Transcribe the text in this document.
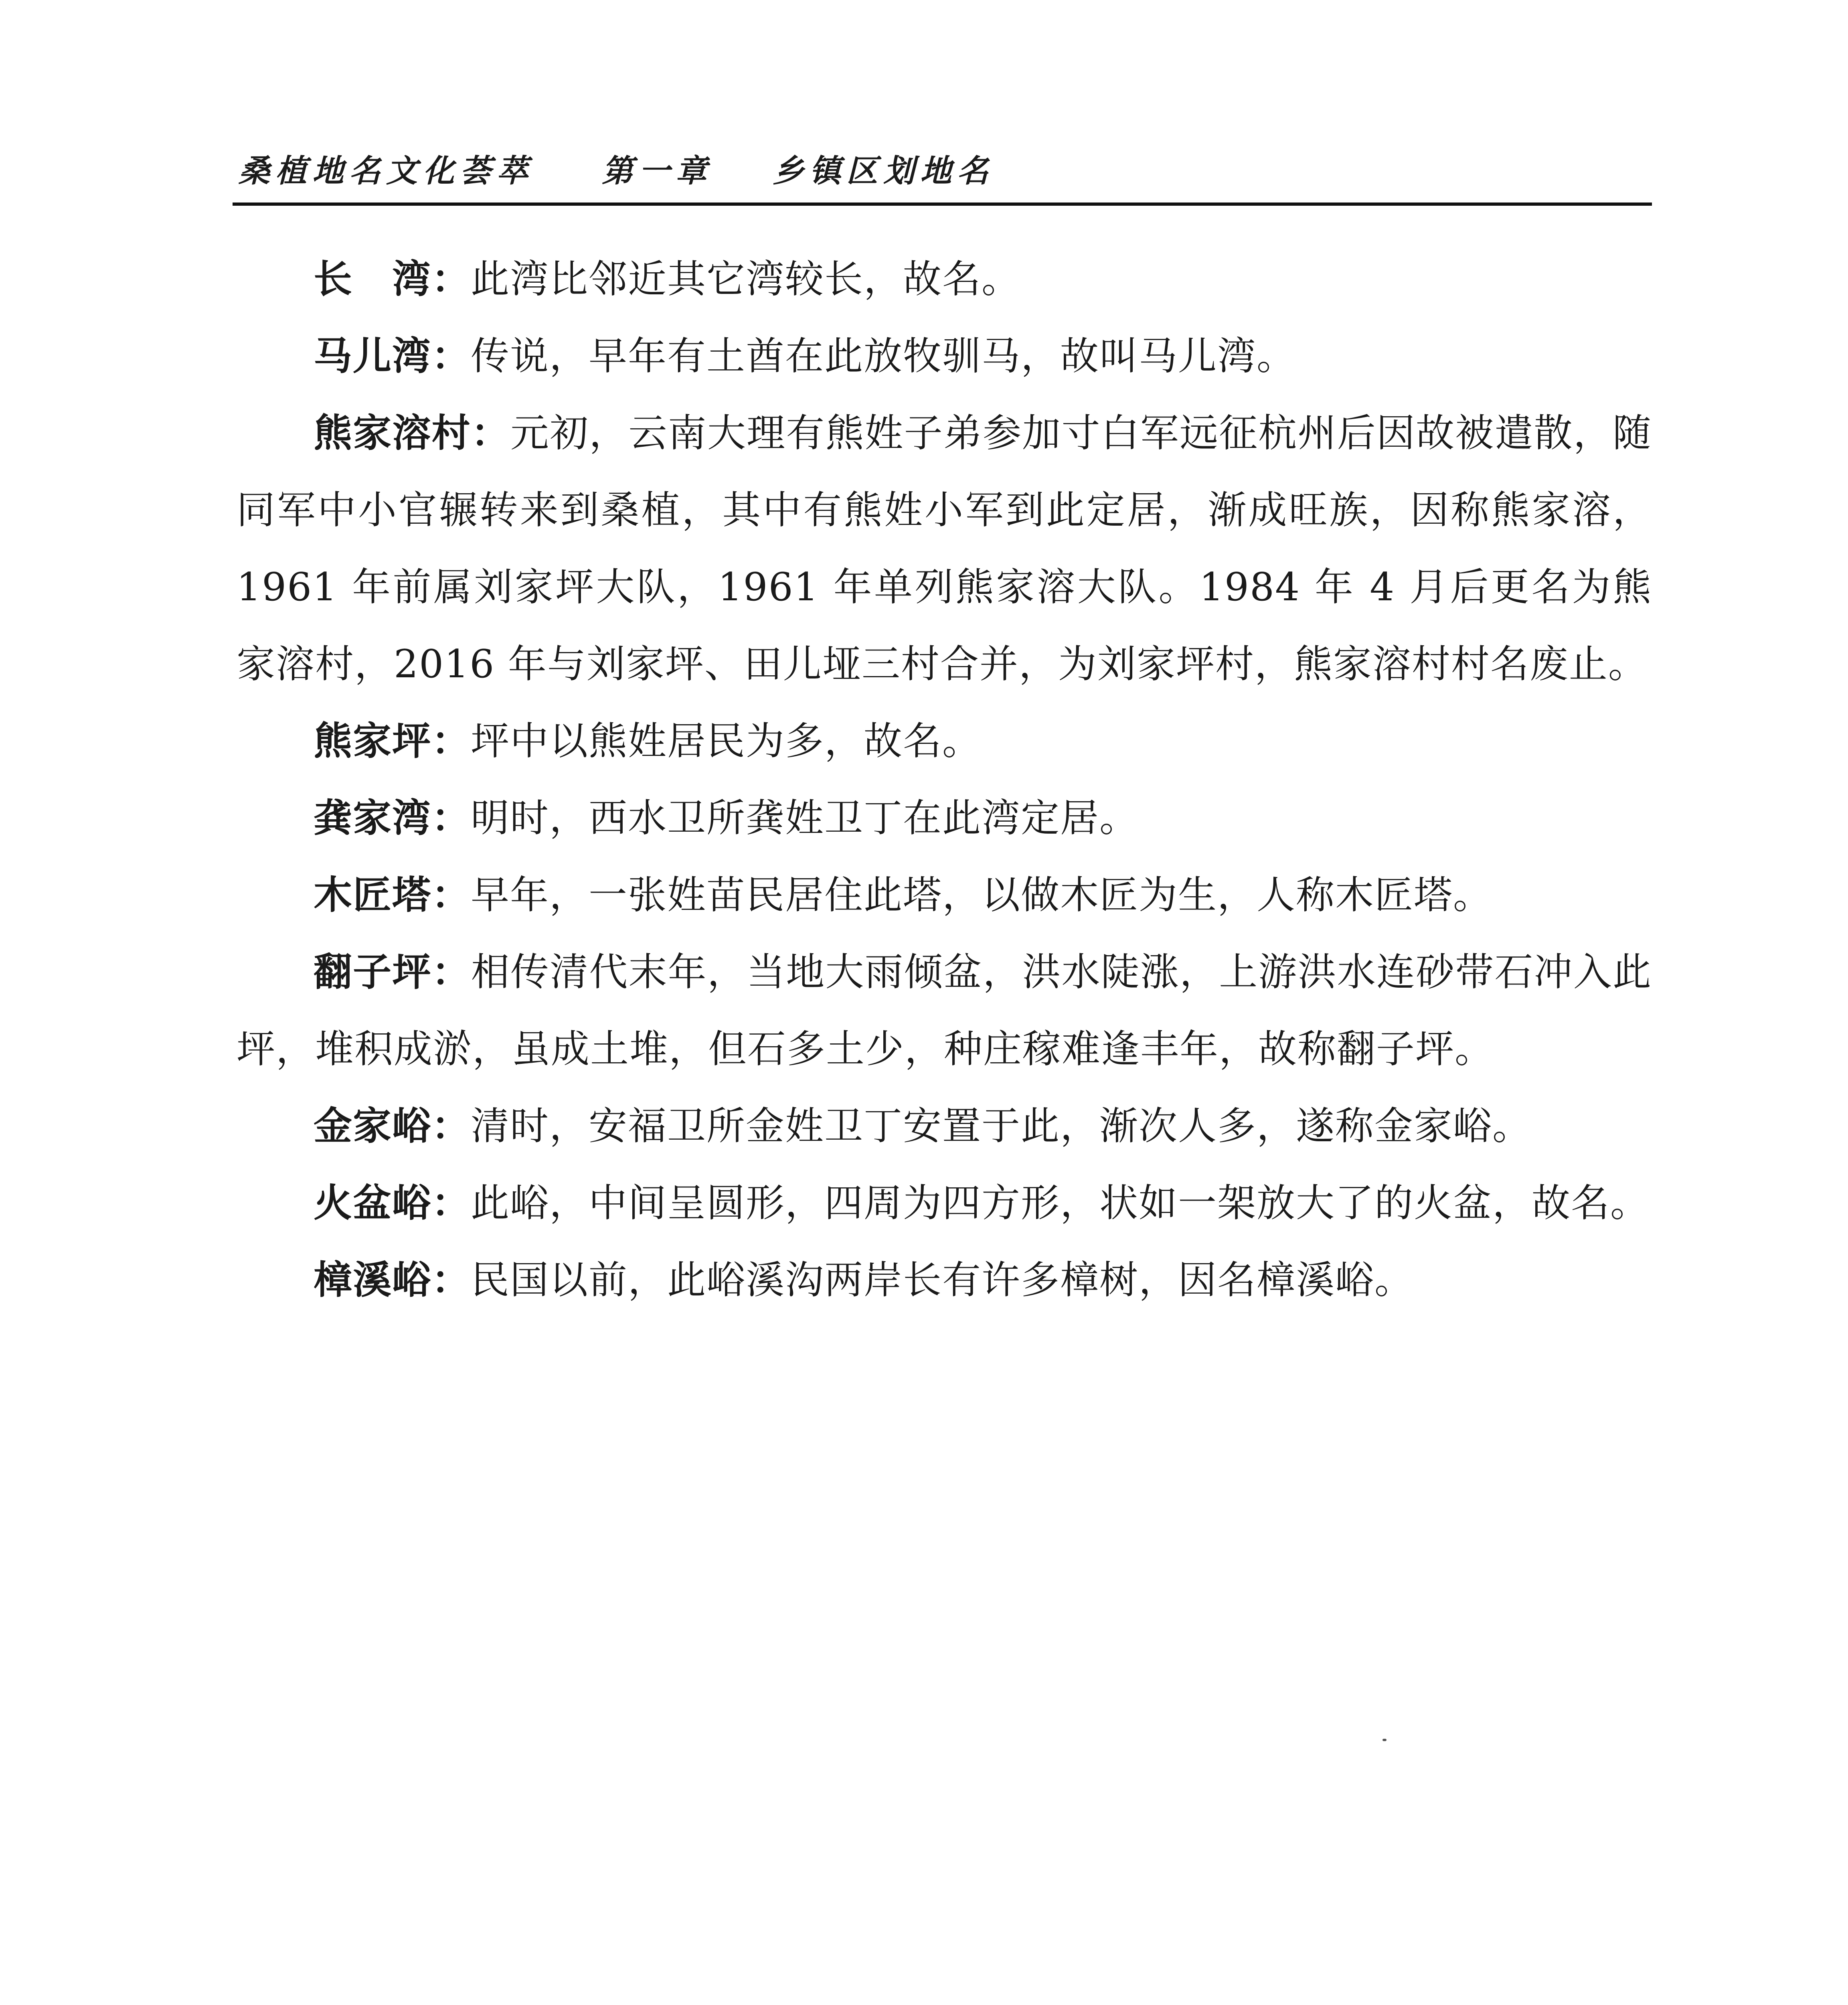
桑植地名文化荟萃 第一章 乡镇区划地名

长　湾：此湾比邻近其它湾较长，故名。

马儿湾：传说，早年有土酋在此放牧驯马，故叫马儿湾。

熊家溶村：元初，云南大理有熊姓子弟参加寸白军远征杭州后因故被遣散，随同军中小官辗转来到桑植，其中有熊姓小军到此定居，渐成旺族，因称熊家溶，1961 年前属刘家坪大队，1961 年单列熊家溶大队。1984 年 4 月后更名为熊家溶村，2016 年与刘家坪、田儿垭三村合并，为刘家坪村，熊家溶村村名废止。

熊家坪：坪中以熊姓居民为多，故名。

龚家湾：明时，西水卫所龚姓卫丁在此湾定居。

木匠塔：早年，一张姓苗民居住此塔，以做木匠为生，人称木匠塔。

翻子坪：相传清代末年，当地大雨倾盆，洪水陡涨，上游洪水连砂带石冲入此坪，堆积成淤，虽成土堆，但石多土少，种庄稼难逢丰年，故称翻子坪。

金家峪：清时，安福卫所金姓卫丁安置于此，渐次人多，遂称金家峪。

火盆峪：此峪，中间呈圆形，四周为四方形，状如一架放大了的火盆，故名。

樟溪峪：民国以前，此峪溪沟两岸长有许多樟树，因名樟溪峪。
